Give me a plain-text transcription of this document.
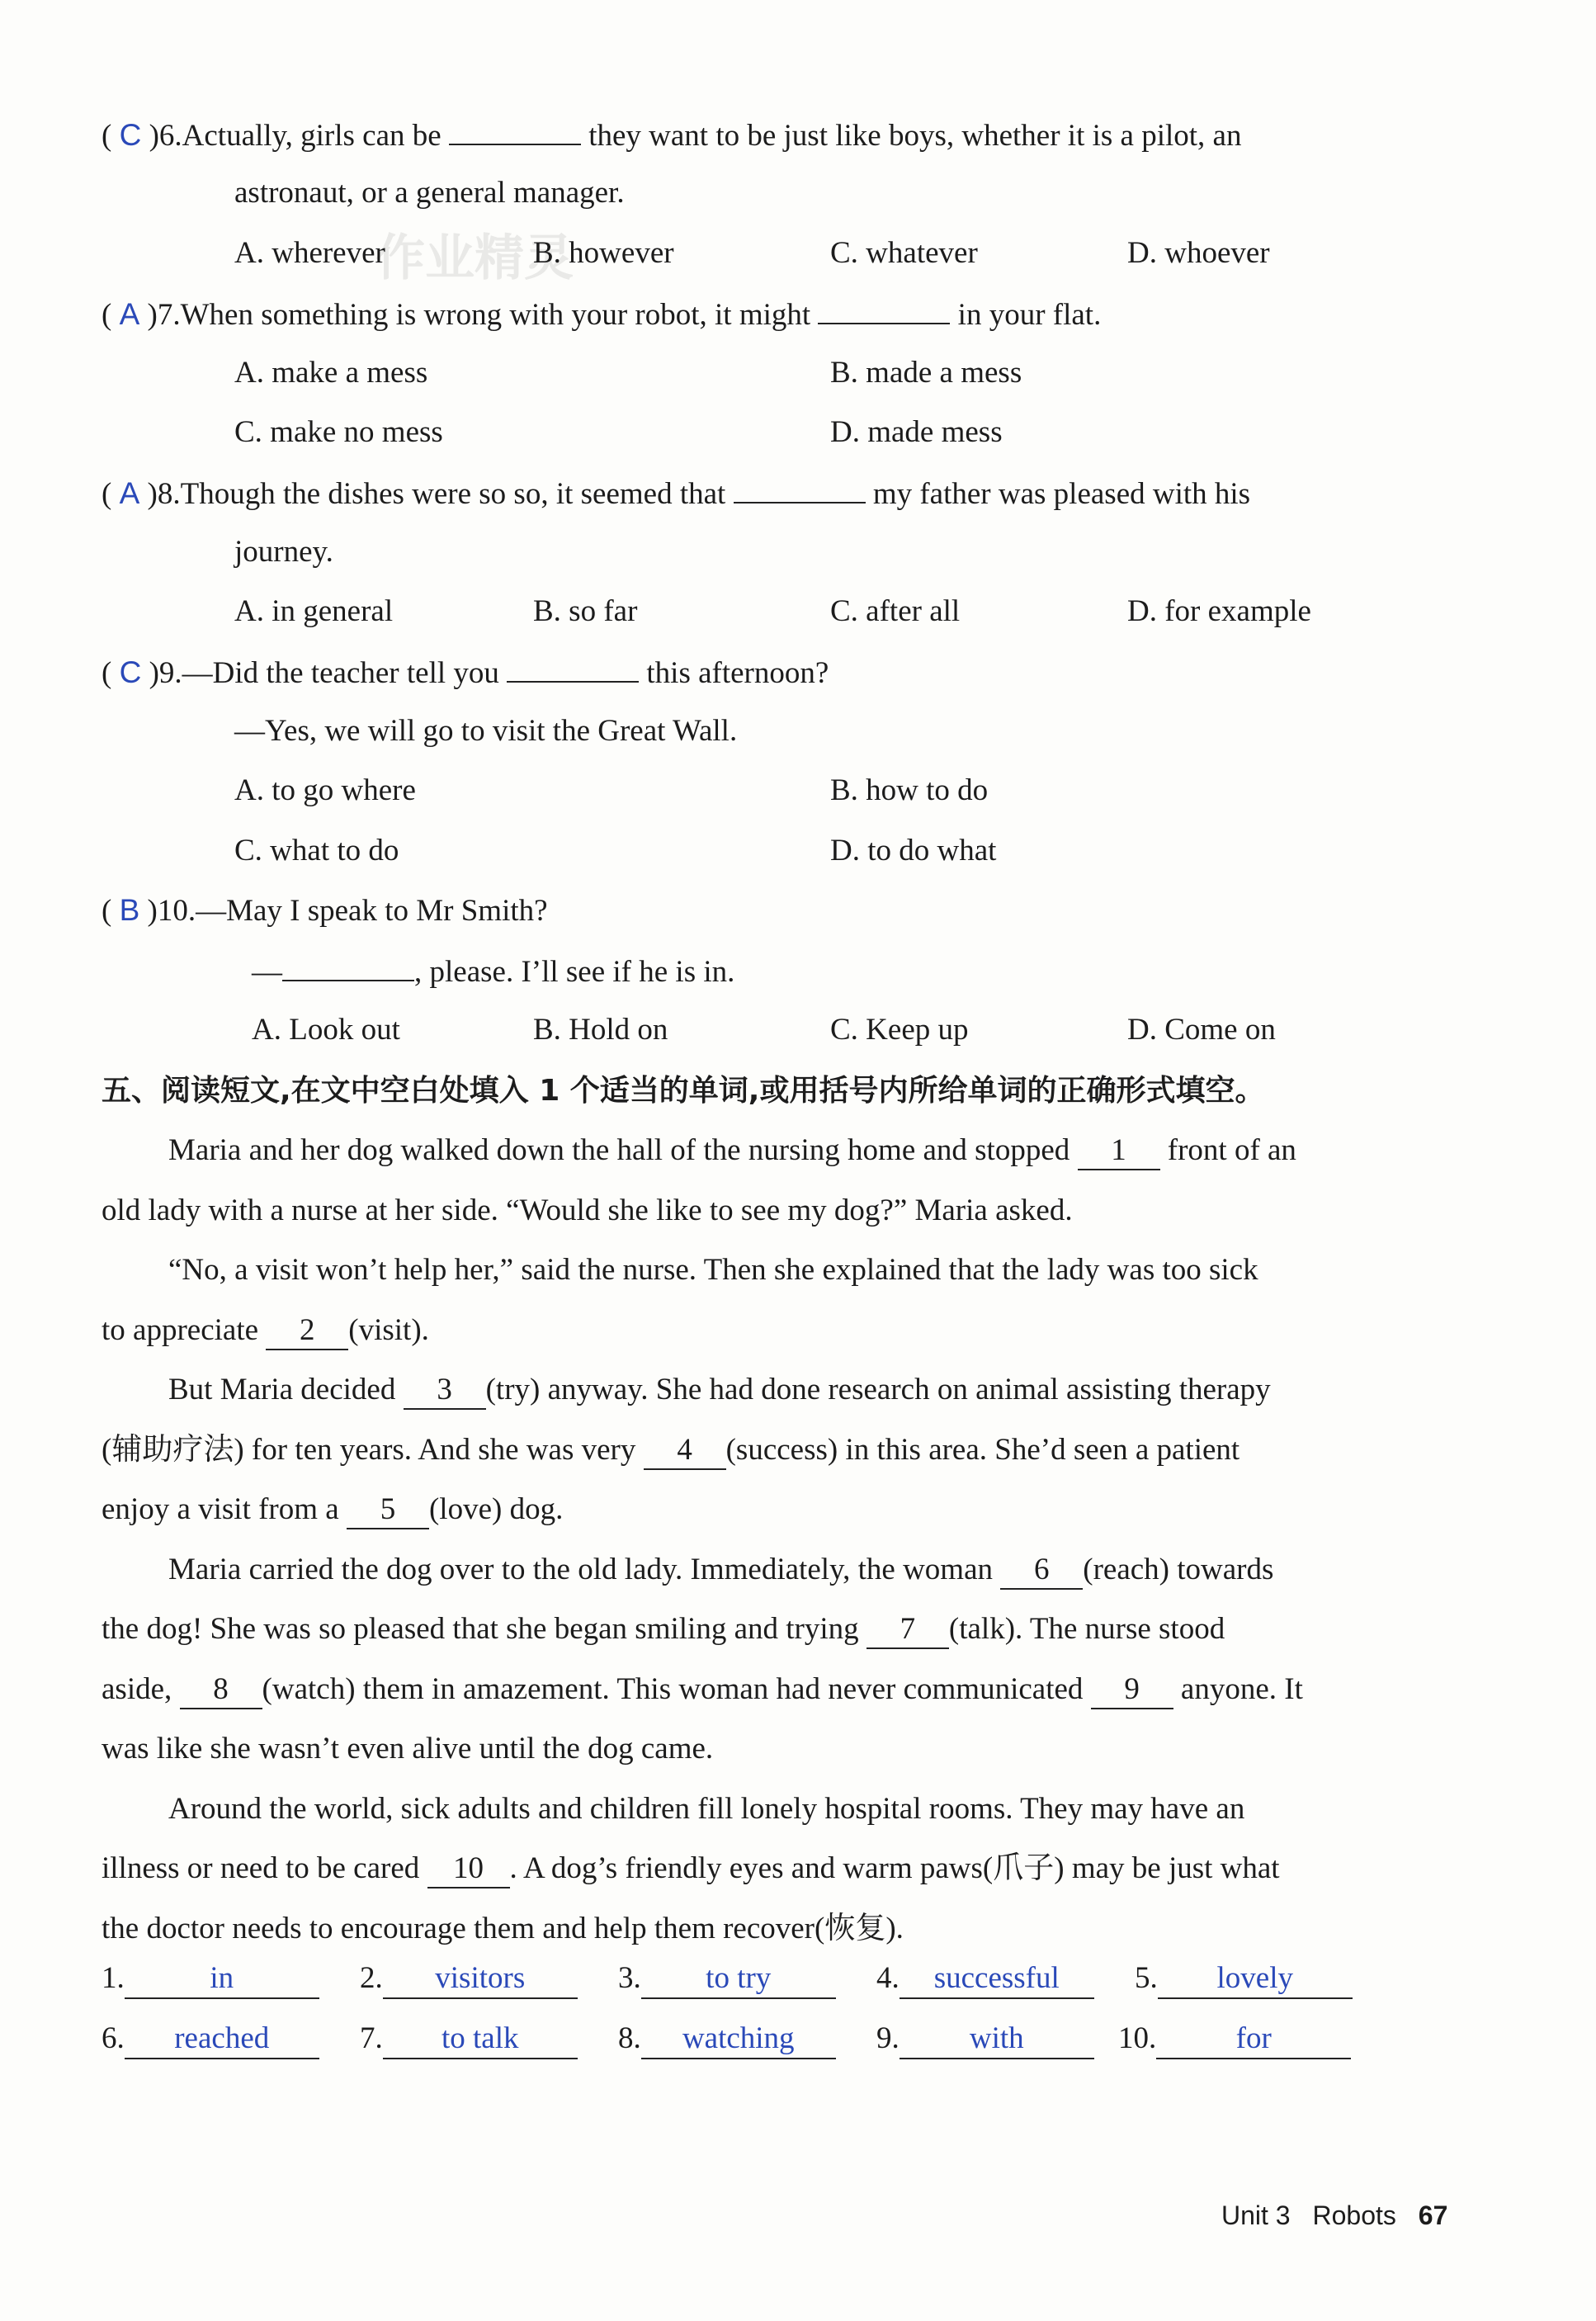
作业精灵
( C )6.Actually, girls can be	they want to be just like boys, whether it is a pilot, an
astronaut, or a general manager.
A. wherever	B. however	C. whatever	D. whoever
( A )7.When something is wrong with your robot, it might	in your flat.
A. make a mess	B. made a mess
C. make no mess	D. made mess
( A )8.Though the dishes were so so, it seemed that	my father was pleased with his
journey.
A. in general	B. so far	C. after all	D. for example
( C )9.—Did the teacher tell you	this afternoon?
—Yes, we will go to visit the Great Wall.
A. to go where	B. how to do
C. what to do	D. to do what
( B )10.—May I speak to Mr Smith?
—	, please. I’ll see if he is in.
A. Look out	B. Hold on	C. Keep up	D. Come on
五、阅读短文,在文中空白处填入 1 个适当的单词,或用括号内所给单词的正确形式填空。
Maria and her dog walked down the hall of the nursing home and stopped 1 front of an
old lady with a nurse at her side. “Would she like to see my dog?” Maria asked.
“No, a visit won’t help her,” said the nurse. Then she explained that the lady was too sick
to appreciate 2 (visit).
But Maria decided 3 (try) anyway. She had done research on animal assisting therapy
(辅助疗法) for ten years. And she was very 4 (success) in this area. She’d seen a patient
enjoy a visit from a 5 (love) dog.
Maria carried the dog over to the old lady. Immediately, the woman 6 (reach) towards
the dog! She was so pleased that she began smiling and trying 7 (talk). The nurse stood
aside, 8 (watch) them in amazement. This woman had never communicated 9 anyone. It
was like she wasn’t even alive until the dog came.
Around the world, sick adults and children fill lonely hospital rooms. They may have an
illness or need to be cared 10 . A dog’s friendly eyes and warm paws(爪子) may be just what
the doctor needs to encourage them and help them recover(恢复).
1.	in	2. visitors	3. to try	4. successful 5. lovely
6. reached	7. to talk	8. watching	9. with	10.	for
Unit 3 Robots 67
